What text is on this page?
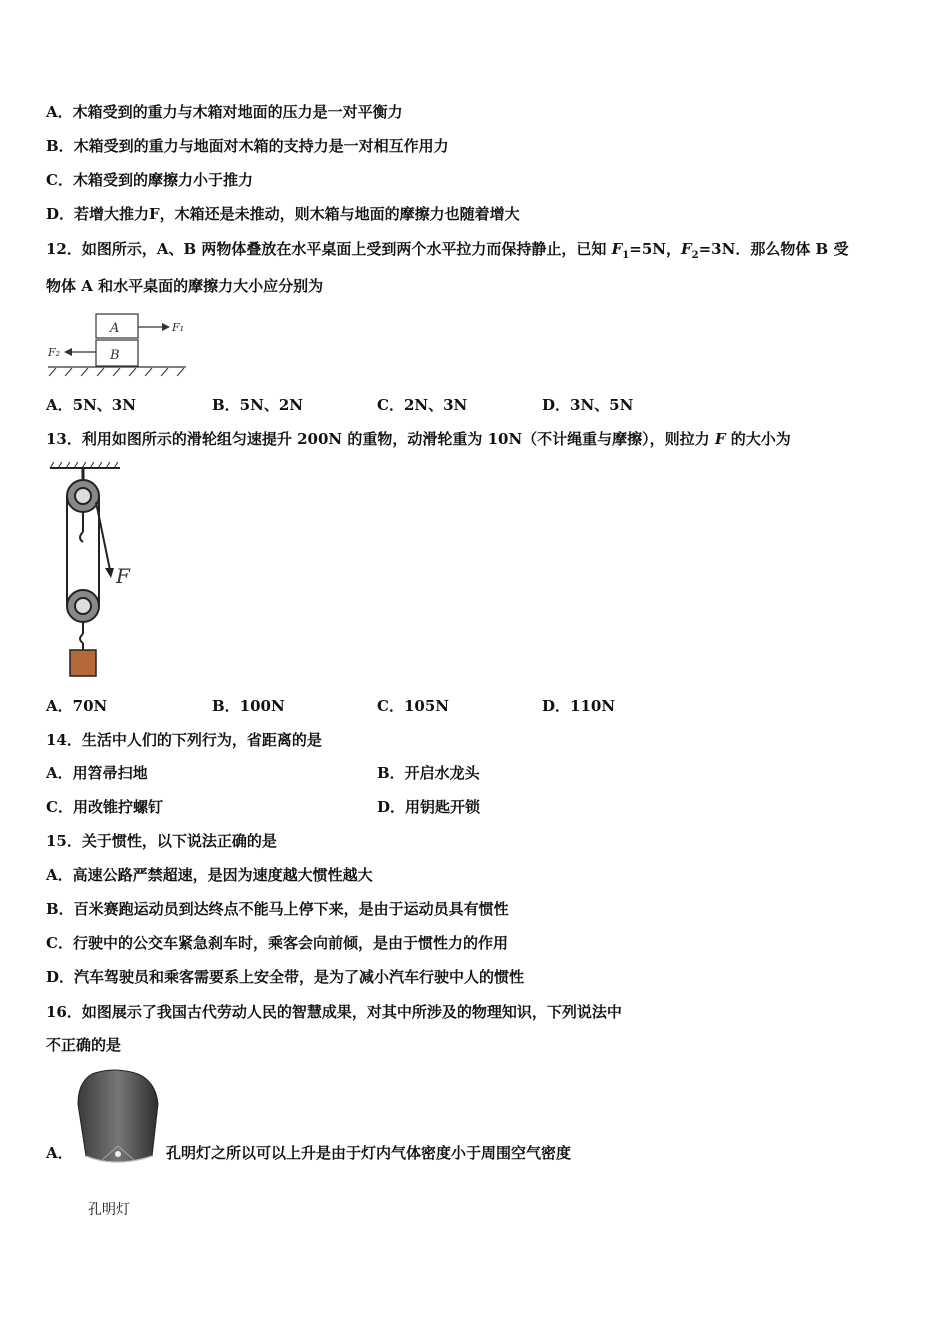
A．木箱受到的重力与木箱对地面的压力是一对平衡力
B．木箱受到的重力与地面对木箱的支持力是一对相互作用力
C．木箱受到的摩擦力小于推力
D．若增大推力F，木箱还是未推动，则木箱与地面的摩擦力也随着增大
12．如图所示，A、B 两物体叠放在水平桌面上受到两个水平拉力而保持静止，已知 $F_1=5N$，$F_2=3N$．那么物体 B 受
物体 A 和水平桌面的摩擦力大小应分别为
A
B
F₁
F₂
A．5N、3N	B．5N、2N	C．2N、3N	D．3N、5N
13．利用如图所示的滑轮组匀速提升 200N 的重物，动滑轮重为 10N（不计绳重与摩擦），则拉力 F 的大小为
F
A．70N	B．100N	C．105N	D．110N
14．生活中人们的下列行为，省距离的是
A．用笤帚扫地	B．开启水龙头
C．用改锥拧螺钉	D．用钥匙开锁
15．关于惯性，以下说法正确的是
A．高速公路严禁超速，是因为速度越大惯性越大
B．百米赛跑运动员到达终点不能马上停下来，是由于运动员具有惯性
C．行驶中的公交车紧急刹车时，乘客会向前倾，是由于惯性力的作用
D．汽车驾驶员和乘客需要系上安全带，是为了减小汽车行驶中人的惯性
16．如图展示了我国古代劳动人民的智慧成果，对其中所涉及的物理知识，下列说法中
不正确的是
A．
孔明灯
孔明灯之所以可以上升是由于灯内气体密度小于周围空气密度
